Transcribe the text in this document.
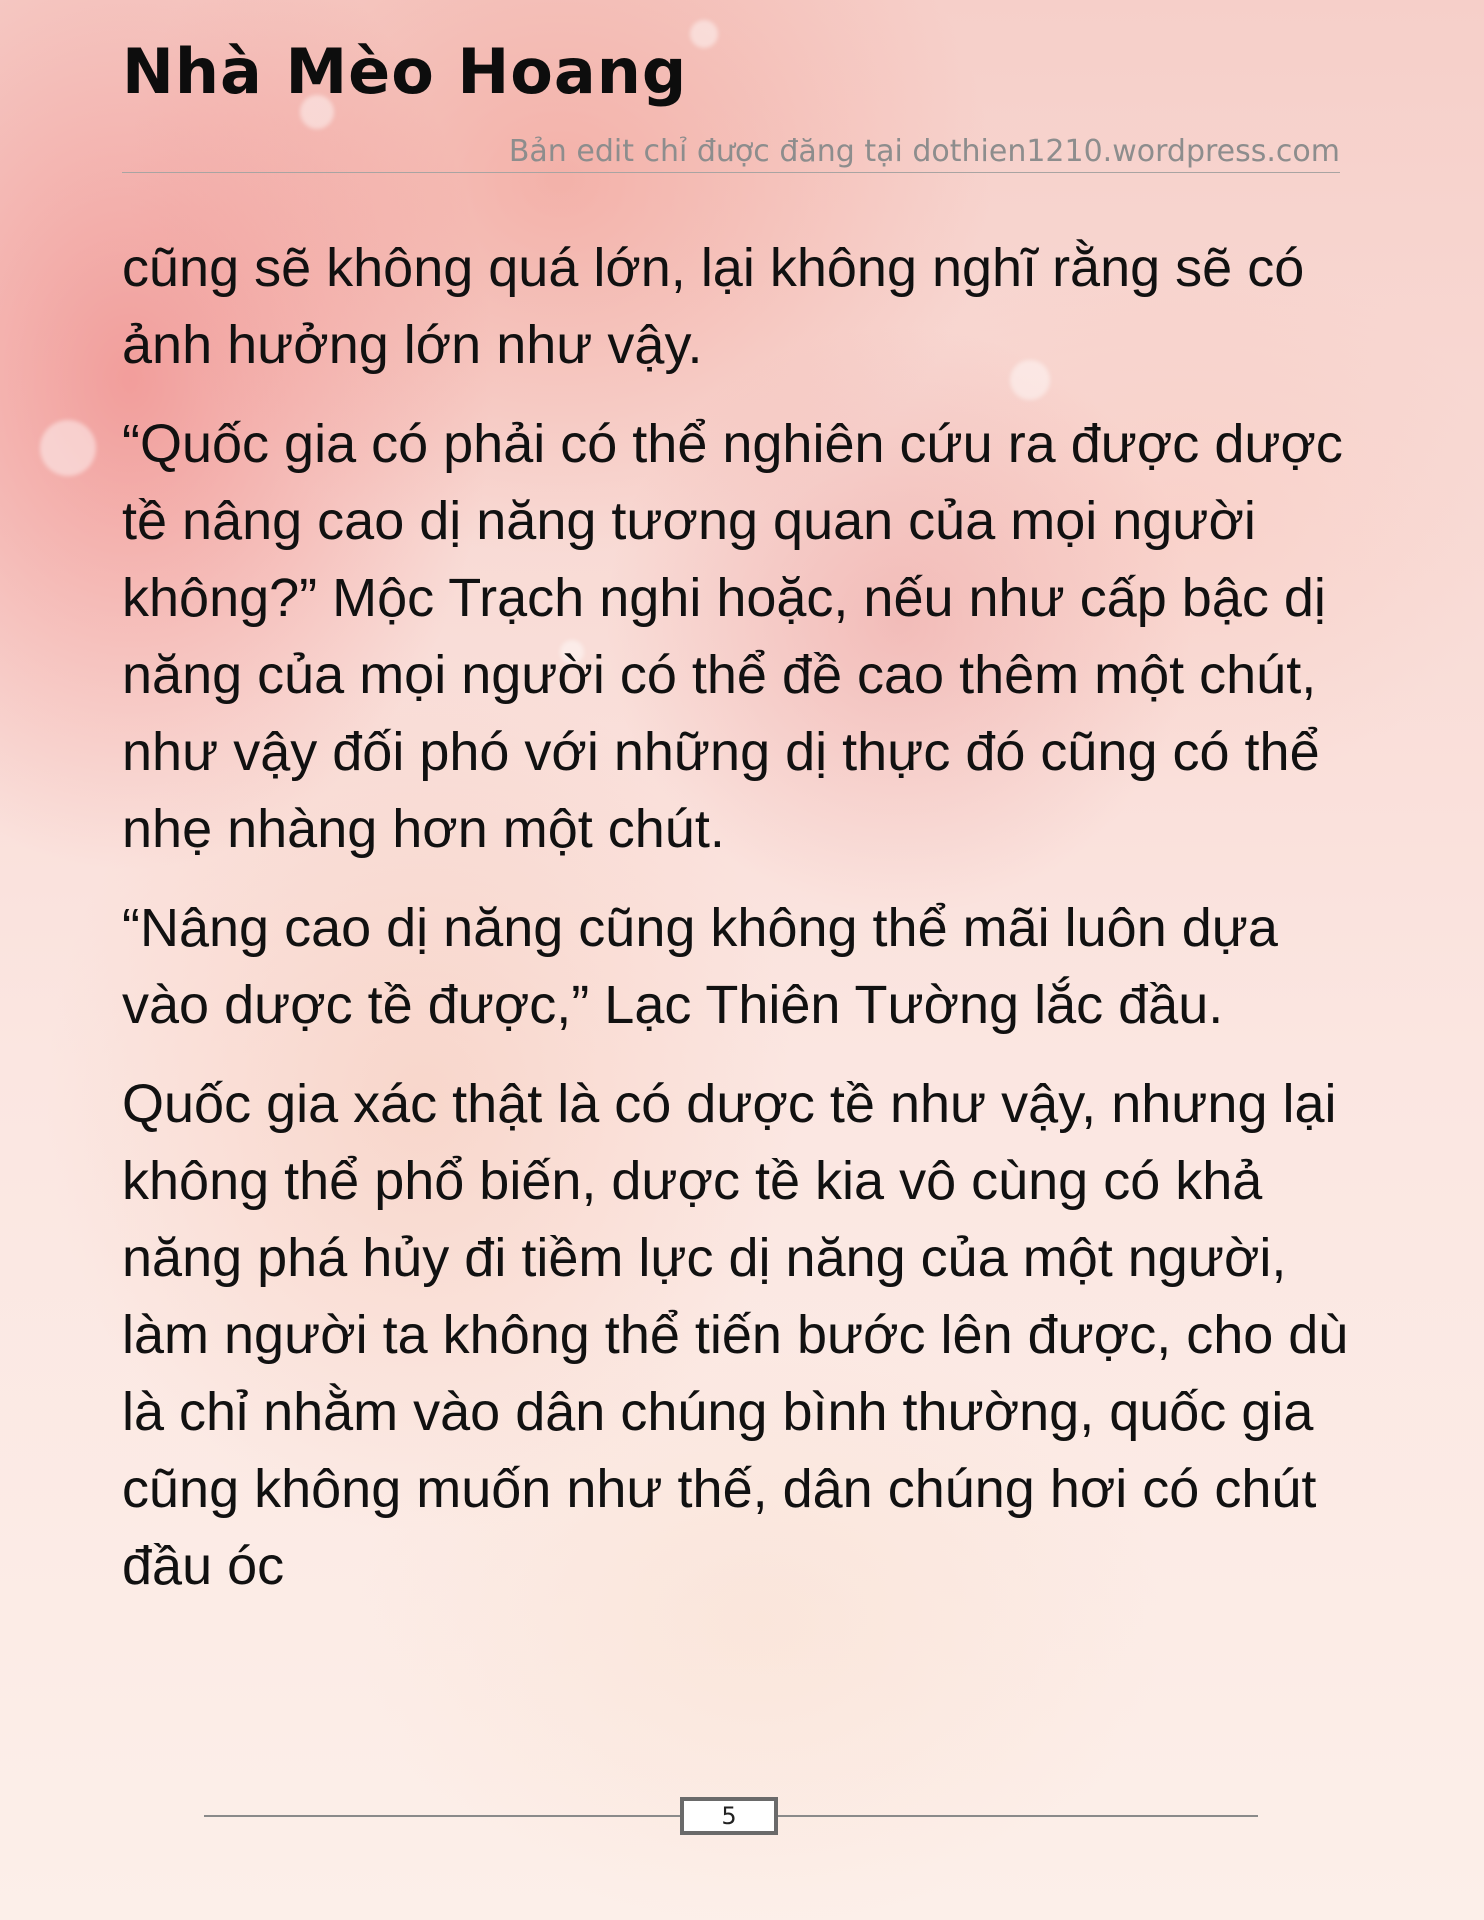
Nhà Mèo Hoang
Bản edit chỉ được đăng tại dothien1210.wordpress.com

cũng sẽ không quá lớn, lại không nghĩ rằng sẽ có ảnh hưởng lớn như vậy.

“Quốc gia có phải có thể nghiên cứu ra được dược tề nâng cao dị năng tương quan của mọi người không?” Mộc Trạch nghi hoặc, nếu như cấp bậc dị năng của mọi người có thể đề cao thêm một chút, như vậy đối phó với những dị thực đó cũng có thể nhẹ nhàng hơn một chút.

“Nâng cao dị năng cũng không thể mãi luôn dựa vào dược tề được,” Lạc Thiên Tường lắc đầu.

Quốc gia xác thật là có dược tề như vậy, nhưng lại không thể phổ biến, dược tề kia vô cùng có khả năng phá hủy đi tiềm lực dị năng của một người, làm người ta không thể tiến bước lên được, cho dù là chỉ nhằm vào dân chúng bình thường, quốc gia cũng không muốn như thế, dân chúng hơi có chút đầu óc

5
